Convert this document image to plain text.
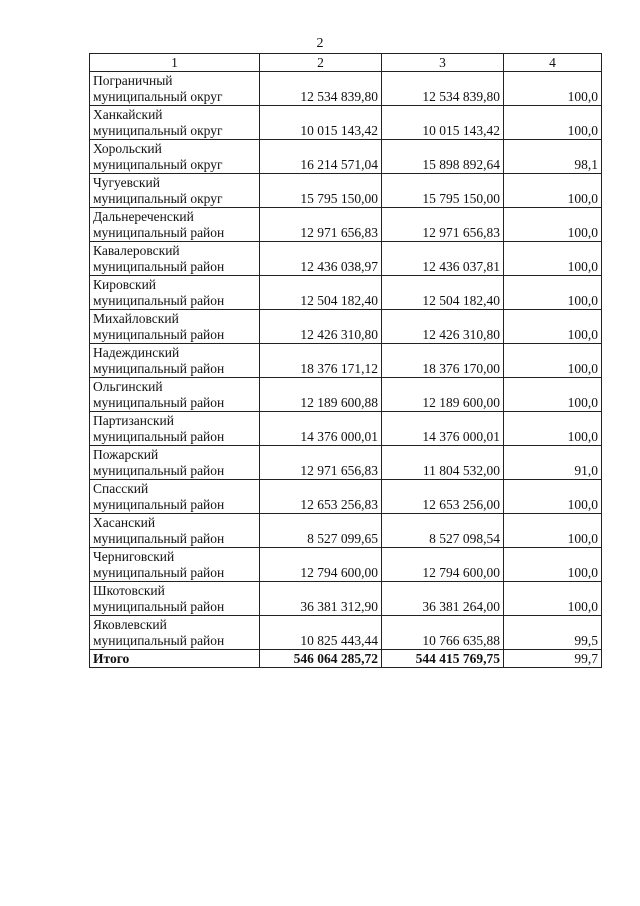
2
1	2	3	4

Пограничный
муниципальный округ	12 534 839,80	12 534 839,80	100,0

Ханкайский
муниципальный округ	10 015 143,42	10 015 143,42	100,0

Хорольский
муниципальный округ	16 214 571,04	15 898 892,64	98,1

Чугуевский
муниципальный округ	15 795 150,00	15 795 150,00	100,0

Дальнереченский
муниципальный район	12 971 656,83	12 971 656,83	100,0

Кавалеровский
муниципальный район	12 436 038,97	12 436 037,81	100,0

Кировский
муниципальный район	12 504 182,40	12 504 182,40	100,0

Михайловский
муниципальный район	12 426 310,80	12 426 310,80	100,0

Надеждинский
муниципальный район	18 376 171,12	18 376 170,00	100,0

Ольгинский
муниципальный район	12 189 600,88	12 189 600,00	100,0

Партизанский
муниципальный район	14 376 000,01	14 376 000,01	100,0

Пожарский
муниципальный район	12 971 656,83	11 804 532,00	91,0

Спасский
муниципальный район	12 653 256,83	12 653 256,00	100,0

Хасанский
муниципальный район	8 527 099,65	8 527 098,54	100,0

Черниговский
муниципальный район	12 794 600,00	12 794 600,00	100,0

Шкотовский
муниципальный район	36 381 312,90	36 381 264,00	100,0

Яковлевский
муниципальный район	10 825 443,44	10 766 635,88	99,5
Итого	546 064 285,72	544 415 769,75	99,7
